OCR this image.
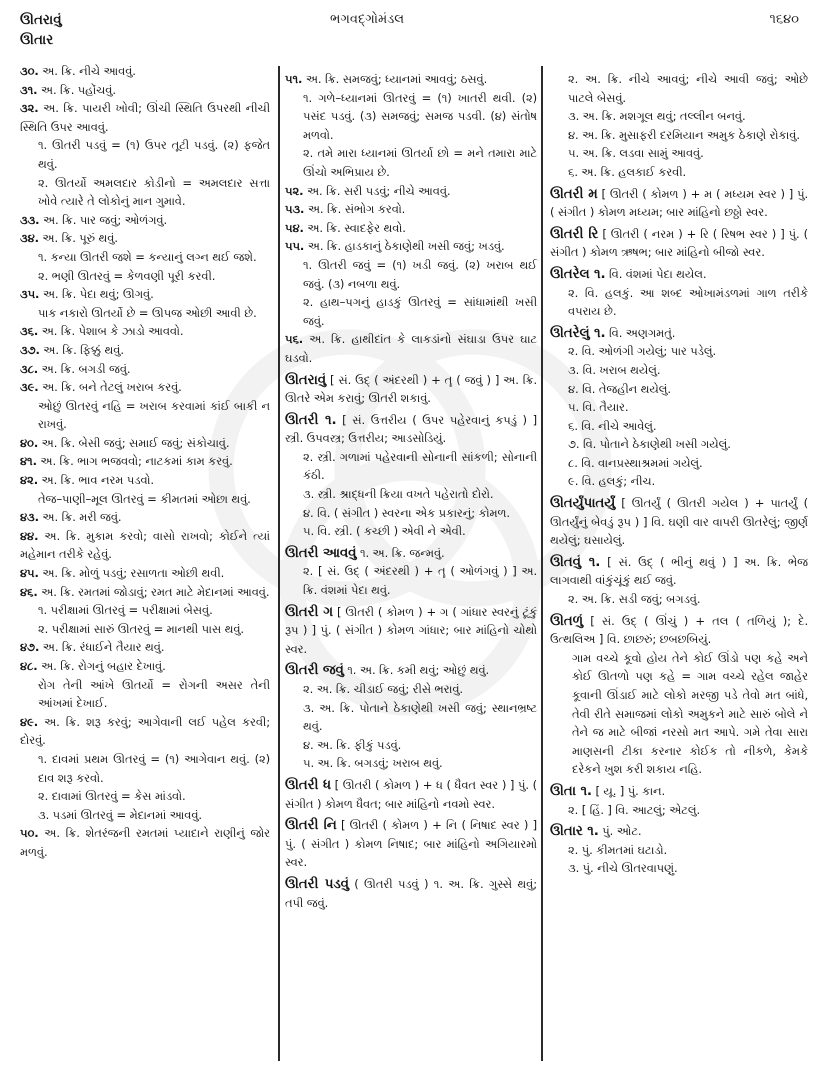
ઊતરાવું
ઊતાર
ભગવદ્ગોમંડલ	૧૬૪૦
૩૦. અ. ક્રિ. નીચે આવવું.
૩૧. અ. ક્રિ. પહોંચવું.
૩૨. અ. ક્રિ. પાયરી ખોવી; ઊંચી સ્થિતિ ઉપરથી નીચી સ્થિતિ ઉપર આવવું.
૧. ઊતરી પડવું = (૧) ઉપર તૂટી પડવું. (૨) ફજેત થવું.
૨. ઊતર્યો અમલદાર કોડીનો = અમલદાર સત્તા ખોવે ત્યારે તે લોકોનું માન ગુમાવે.
૩૩. અ. ક્રિ. પાર જવું; ઓળંગવું.
૩૪. અ. ક્રિ. પૂરું થવું.
૧. કન્યા ઊતરી જશે = કન્યાનું લગ્ન થઈ જશે.
૨. ભણી ઊતરવું = કેળવણી પૂરી કરવી.
૩૫. અ. ક્રિ. પેદા થવું; ઊગવું.
પાક નકારો ઊતર્યો છે = ઊપજ ઓછી આવી છે.
૩૬. અ. ક્રિ. પેશાબ કે ઝાડો આવવો.
૩૭. અ. ક્રિ. ફિક્કું થવું.
૩૮. અ. ક્રિ. બગડી જવું.
૩૯. અ. ક્રિ. બને તેટલું ખરાબ કરવું.
ઓછું ઊતરવું નહિ = ખરાબ કરવામાં કાંઈ બાકી ન રાખવું.
૪૦. અ. ક્રિ. બેસી જવું; સમાઈ જવું; સંકોચાવું.
૪૧. અ. ક્રિ. ભાગ ભજવવો; નાટકમાં કામ કરવું.
૪૨. અ. ક્રિ. ભાવ નરમ પડવો.
તેજ–પાણી–મૂલ ઊતરવું = કીમતમાં ઓછા થવું.
૪૩. અ. ક્રિ. મરી જવું.
૪૪. અ. ક્રિ. મુકામ કરવો; વાસો રાખવો; કોઈને ત્યાં મહેમાન તરીકે રહેવું.
૪૫. અ. ક્રિ. મોળું પડવું; રસાળતા ઓછી થવી.
૪૬. અ. ક્રિ. રમતમાં જોડાવું; રમત માટે મેદાનમાં આવવું.
૧. પરીક્ષામાં ઊતરવું = પરીક્ષામાં બેસવું.
૨. પરીક્ષામાં સારું ઊતરવું = માનથી પાસ થવું.
૪૭. અ. ક્રિ. રંધાઈને તૈયાર થવું.
૪૮. અ. ક્રિ. રોગનું બહાર દેખાવું.
રોગ તેની આંખે ઊતર્યો = રોગની અસર તેની આંખમાં દેખાઈ.
૪૯. અ. ક્રિ. શરૂ કરવું; આગેવાની લઈ પહેલ કરવી; દોરવું.
૧. દાવમાં પ્રથમ ઊતરવું = (૧) આગેવાન થવું. (૨) દાવ શરૂ કરવો.
૨. દાવામાં ઊતરવું = કેસ માંડવો.
૩. પડમાં ઊતરવું = મેદાનમાં આવવું.
૫૦. અ. ક્રિ. શેતરંજની રમતમાં પ્યાદાને રાણીનું જોર મળવું.
૫૧. અ. ક્રિ. સમજવું; ધ્યાનમાં આવવું; ઠસવું.
૧. ગળે–ધ્યાનમાં ઊતરવું = (૧) ખાતરી થવી. (૨) પસંદ પડવું. (૩) સમજવું; સમજ પડવી. (૪) સંતોષ મળવો.
૨. તમે મારા ધ્યાનમાં ઊતર્યા છો = મને તમારા માટે ઊંચો અભિપ્રાય છે.
૫૨. અ. ક્રિ. સરી પડવું; નીચે આવવું.
૫૩. અ. ક્રિ. સંભોગ કરવો.
૫૪. અ. ક્રિ. સ્વાદફેર થવો.
૫૫. અ. ક્રિ. હાડકાનું ઠેકાણેથી ખસી જવું; ખડવું.
૧. ઊતરી જવું = (૧) ખડી જવું. (૨) ખરાબ થઈ જવું. (૩) નબળા થવું.
૨. હાથ–પગનું હાડકું ઊતરવું = સાંધામાંથી ખસી જવું.
૫૬. અ. ક્રિ. હાથીદાંત કે લાકડાંનો સંઘાડા ઉપર ઘાટ ઘડવો.
ઊતરાવું [ સં. ઉદ્ ( અંદરથી ) + તૄ ( જવું ) ] અ. ક્રિ. ઊતરે એમ કરાવું; ઊતરી શકાવું.
ઊતરી ૧. [ સં. ઉત્તરીય ( ઉપર પહેરવાનું કપડું ) ] સ્ત્રી. ઉપવસ્ત્ર; ઉત્તરીય; આડસોડિયું.
૨. સ્ત્રી. ગળામાં પહેરવાની સોનાની સાંકળી; સોનાની કંઠી.
૩. સ્ત્રી. શ્રાદ્ધની ક્રિયા વખતે પહેરાતો દોરો.
૪. વિ. ( સંગીત ) સ્વરના એક પ્રકારનું; કોમળ.
૫. વિ. સ્ત્રી. ( કચ્છી ) એવી ને એવી.
ઊતરી આવવું ૧. અ. ક્રિ. જન્મવું.
૨. [ સં. ઉદ્ ( અંદરથી ) + તૄ ( ઓળંગવું ) ] અ. ક્રિ. વંશમાં પેદા થવું.
ઊતરી ગ [ ઊતરી ( કોમળ ) + ગ ( ગાંધાર સ્વરનું ટૂંકું રૂપ ) ] પું. ( સંગીત ) કોમળ ગાંધાર; બાર માંહિનો ચોથો સ્વર.
ઊતરી જવું ૧. અ. ક્રિ. કમી થવું; ઓછું થવું.
૨. અ. ક્રિ. ચીડાઈ જવું; રીસે ભરાવું.
૩. અ. ક્રિ. પોતાને ઠેકાણેથી ખસી જવું; સ્થાનભ્રષ્ટ થવું.
૪. અ. ક્રિ. ફીકું પડવું.
૫. અ. ક્રિ. બગડવું; ખરાબ થવું.
ઊતરી ધ [ ઊતરી ( કોમળ ) + ધ ( ધૈવત સ્વર ) ] પું. ( સંગીત ) કોમળ ધૈવત; બાર માંહિનો નવમો સ્વર.
ઊતરી નિ [ ઊતરી ( કોમળ ) + નિ ( નિષાદ સ્વર ) ] પું. ( સંગીત ) કોમળ નિષાદ; બાર માંહિનો અગિયારમો સ્વર.
ઊતરી પડવું ( ઊતરી પડવું ) ૧. અ. ક્રિ. ગુસ્સે થવું; તપી જવું.
૨. અ. ક્રિ. નીચે આવવું; નીચે આવી જવું; ઓછે પાટલે બેસવું.
૩. અ. ક્રિ. મશગૂલ થવું; તલ્લીન બનવું.
૪. અ. ક્રિ. મુસાફરી દરમિયાન અમુક ઠેકાણે રોકાવું.
૫. અ. ક્રિ. લડવા સામું આવવું.
૬. અ. ક્રિ. હલકાઈ કરવી.
ઊતરી મ [ ઊતરી ( કોમળ ) + મ ( મધ્યમ સ્વર ) ] પું. ( સંગીત ) કોમળ મધ્યમ; બાર માંહિનો છઠ્ઠો સ્વર.
ઊતરી રિ [ ઊતરી ( નરમ ) + રિ ( રિષભ સ્વર ) ] પું. ( સંગીત ) કોમળ ઋષભ; બાર માંહિનો બીજો સ્વર.
ઊતરેલ ૧. વિ. વંશમાં પેદા થયેલ.
૨. વિ. હલકું. આ શબ્દ ઓખામંડળમાં ગાળ તરીકે વપરાય છે.
ઊતરેલું ૧. વિ. અણગમતું.
૨. વિ. ઓળંગી ગયેલું; પાર પડેલું.
૩. વિ. ખરાબ થયેલું.
૪. વિ. તેજહીન થયેલું.
૫. વિ. તૈયાર.
૬. વિ. નીચે આવેલું.
૭. વિ. પોતાને ઠેકાણેથી ખસી ગયેલું.
૮. વિ. વાનપ્રસ્થાશ્રમમાં ગયેલું.
૯. વિ. હલકું; નીચ.
ઊતર્યુંપાતર્યું [ ઊતર્યું ( ઊતરી ગયેલ ) + પાતર્યું ( ઊતર્યુંનું બેવડું રૂપ ) ] વિ. ઘણી વાર વાપરી ઊતરેલું; જીર્ણ થયેલું; ઘસાયેલું.
ઊતવું ૧. [ સં. ઉદ્ ( ભીનું થવું ) ] અ. ક્રિ. ભેજ લાગવાથી વાંકુંચૂંકું થઈ જવું.
૨. અ. ક્રિ. સડી જવું; બગડવું.
ઊતળું [ સં. ઉદ્ ( ઊંચું ) + તલ ( તળિયું ); દે. ઉત્થલિઅ ] વિ. છાછરું; છબછબિયું.
ગામ વચ્ચે કૂવો હોય તેને કોઈ ઊંડો પણ કહે અને કોઈ ઊતળો પણ કહે = ગામ વચ્ચે રહેલ જાહેર કૂવાની ઊંડાઈ માટે લોકો મરજી પડે તેવો મત બાંધે, તેવી રીતે સમાજમાં લોકો અમુકને માટે સારું બોલે ને તેને જ માટે બીજાં નરસો મત આપે. ગમે તેવા સારા માણસની ટીકા કરનાર કોઈક તો નીકળે, કેમકે દરેકને ખુશ કરી શકાય નહિ.
ઊતા ૧. [ યૂ. ] પું. કાન.
૨. [ હિં. ] વિ. આટલું; એટલું.
ઊતાર ૧. પું. ઓટ.
૨. પું. કીમતમાં ઘટાડો.
૩. પું. નીચે ઊતરવાપણું.
